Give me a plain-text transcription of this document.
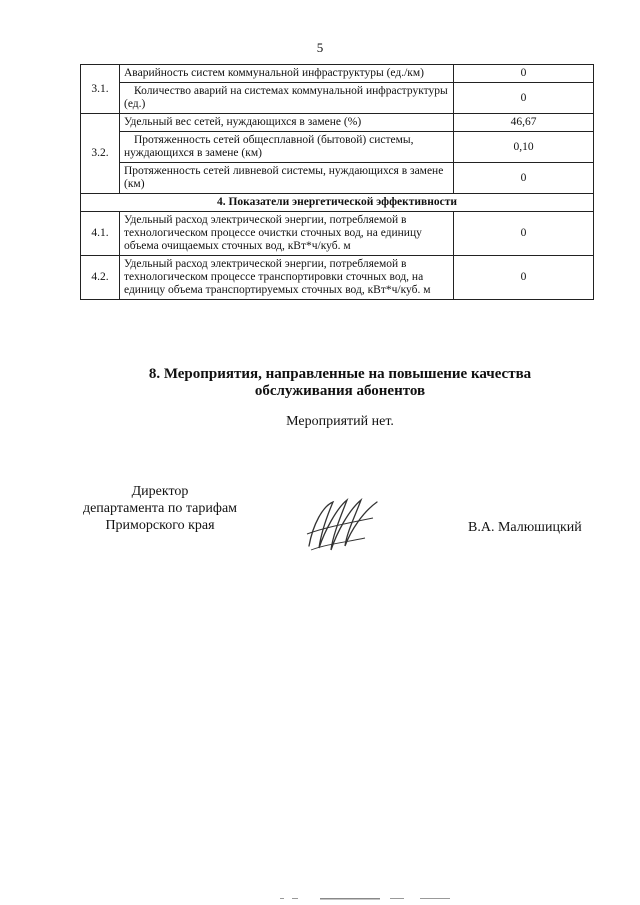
5
3.1.	Аварийность систем коммунальной инфраструктуры (ед./км)	0
	Количество аварий на системах коммунальной инфраструктуры (ед.)	0
3.2.	Удельный вес сетей, нуждающихся в замене (%)	46,67
	Протяженность сетей общесплавной (бытовой) системы, нуждающихся в замене (км)	0,10
	Протяженность сетей ливневой системы, нуждающихся в замене (км)	0
4. Показатели энергетической эффективности		
4.1.	Удельный расход электрической энергии, потребляемой в технологическом процессе очистки сточных вод, на единицу объема очищаемых сточных вод, кВт*ч/куб. м	0
4.2.	Удельный расход электрической энергии, потребляемой в технологическом процессе транспортировки сточных вод, на единицу объема транспортируемых сточных вод, кВт*ч/куб. м	0
8. Мероприятия, направленные на повышение качества
обслуживания абонентов
Мероприятий нет.
Директор
департамента по тарифам
Приморского края	В.А. Малюшицкий
